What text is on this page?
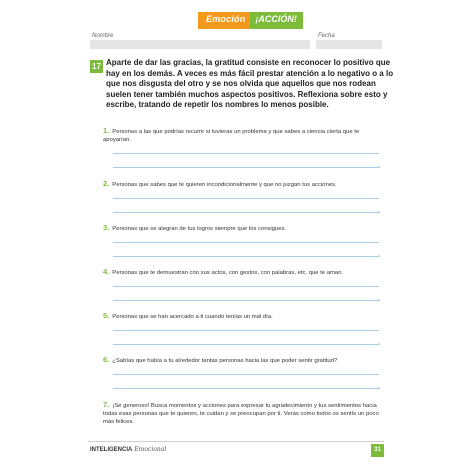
Emoción	¡ACCIÓN!
Nombre	Fecha
17 Aparte de dar las gracias, la gratitud consiste en reconocer lo positivo que hay en los demás. A veces es más fácil prestar atención a lo negativo o a lo que nos disgusta del otro y se nos olvida que aquellos que nos rodean suelen tener también muchos aspectos positivos. Reflexiona sobre esto y escribe, tratando de repetir los nombres lo menos posible.
1. Personas a las que podrías recurrir si tuvieras un problema y que sabes a ciencia cierta que te apoyarían.
2. Personas que sabes que te quieren incondicionalmente y que no juzgan tus acciones.
3. Personas que se alegran de tus logros siempre que los consigues.
4. Personas que te demuestran con sus actos, con gestos, con palabras, etc. que te aman.
5. Personas que se han acercado a ti cuando tenías un mal día.
6. ¿Sabías que había a tu alrededor tantas personas hacia las que poder sentir gratitud?
7. ¡Sé generoso! Busca momentos y acciones para expresar tu agradecimiento y tus sentimientos hacia todas esas personas que te quieren, te cuidan y se preocupan por ti. Verás como todos os sentís un poco más felices.
INTELIGENCIA Emocional	31
